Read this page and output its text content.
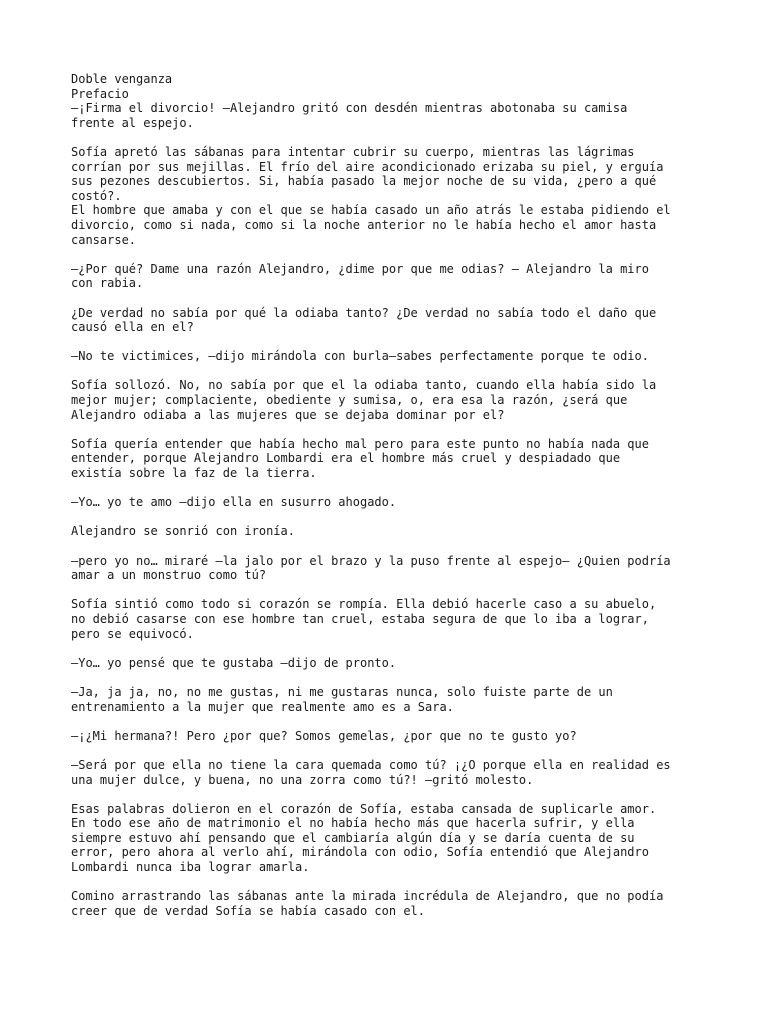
Doble venganza
Prefacio
—¡Firma el divorcio! —Alejandro gritó con desdén mientras abotonaba su camisa
frente al espejo.
Sofía apretó las sábanas para intentar cubrir su cuerpo, mientras las lágrimas
corrían por sus mejillas. El frío del aire acondicionado erizaba su piel, y erguía
sus pezones descubiertos. Si, había pasado la mejor noche de su vida, ¿pero a qué
costó?.
El hombre que amaba y con el que se había casado un año atrás le estaba pidiendo el
divorcio, como si nada, como si la noche anterior no le había hecho el amor hasta
cansarse.
—¿Por qué? Dame una razón Alejandro, ¿dime por que me odias? — Alejandro la miro
con rabia.
¿De verdad no sabía por qué la odiaba tanto? ¿De verdad no sabía todo el daño que
causó ella en el?
—No te victimices, —dijo mirándola con burla—sabes perfectamente porque te odio.
Sofía sollozó. No, no sabía por que el la odiaba tanto, cuando ella había sido la
mejor mujer; complaciente, obediente y sumisa, o, era esa la razón, ¿será que
Alejandro odiaba a las mujeres que se dejaba dominar por el?
Sofía quería entender que había hecho mal pero para este punto no había nada que
entender, porque Alejandro Lombardi era el hombre más cruel y despiadado que
existía sobre la faz de la tierra.
—Yo… yo te amo —dijo ella en susurro ahogado.
Alejandro se sonrió con ironía.
—pero yo no… miraré —la jalo por el brazo y la puso frente al espejo— ¿Quien podría
amar a un monstruo como tú?
Sofía sintió como todo si corazón se rompía. Ella debió hacerle caso a su abuelo,
no debió casarse con ese hombre tan cruel, estaba segura de que lo iba a lograr,
pero se equivocó.
—Yo… yo pensé que te gustaba —dijo de pronto.
—Ja, ja ja, no, no me gustas, ni me gustaras nunca, solo fuiste parte de un
entrenamiento a la mujer que realmente amo es a Sara.
—¡¿Mi hermana?! Pero ¿por que? Somos gemelas, ¿por que no te gusto yo?
—Será por que ella no tiene la cara quemada como tú? ¡¿O porque ella en realidad es
una mujer dulce, y buena, no una zorra como tú?! —gritó molesto.
Esas palabras dolieron en el corazón de Sofía, estaba cansada de suplicarle amor.
En todo ese año de matrimonio el no había hecho más que hacerla sufrir, y ella
siempre estuvo ahí pensando que el cambiaría algún día y se daría cuenta de su
error, pero ahora al verlo ahí, mirándola con odio, Sofía entendió que Alejandro
Lombardi nunca iba lograr amarla.
Comino arrastrando las sábanas ante la mirada incrédula de Alejandro, que no podía
creer que de verdad Sofía se había casado con el.
